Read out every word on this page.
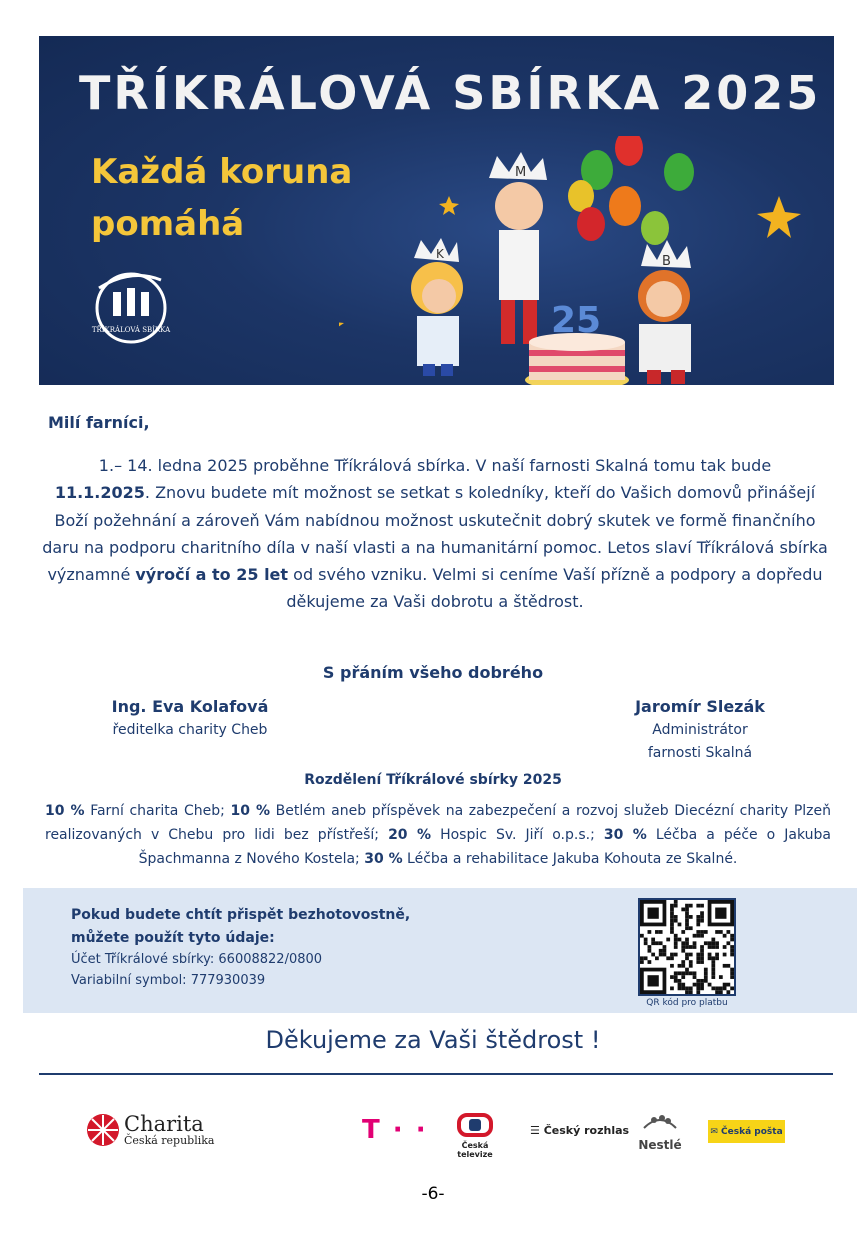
TŘÍKRÁLOVÁ SBÍRKA 2025
Každá koruna
pomáhá
TŘÍKRÁLOVÁ SBÍRKA
K
M
B
25
Milí farníci,
1.– 14. ledna 2025 proběhne Tříkrálová sbírka. V naší farnosti Skalná tomu tak bude
11.1.2025. Znovu budete mít možnost se setkat s koledníky, kteří do Vašich domovů přinášejí Boží požehnání a zároveň Vám nabídnou možnost uskutečnit dobrý skutek ve formě finančního daru na podporu charitního díla v naší vlasti a na humanitární pomoc. Letos slaví Tříkrálová sbírka významné výročí a to 25 let od svého vzniku. Velmi si ceníme Vaší přízně a podpory a dopředu děkujeme za Vaši dobrotu a štědrost.
S přáním všeho dobrého
Ing. Eva Kolafová
ředitelka charity Cheb
Jaromír Slezák
Administrátor
farnosti Skalná
Rozdělení Tříkrálové sbírky 2025
10 % Farní charita Cheb; 10 % Betlém aneb příspěvek na zabezpečení a rozvoj služeb Diecézní charity Plzeň realizovaných v Chebu pro lidi bez přístřeší; 20 % Hospic Sv. Jiří o.p.s.; 30 % Léčba a péče o Jakuba Špachmanna z Nového Kostela; 30 % Léčba a rehabilitace Jakuba Kohouta ze Skalné.
Pokud budete chtít přispět bezhotovostně,
můžete použít tyto údaje:
Účet Tříkrálové sbírky: 66008822/0800
Variabilní symbol: 777930039
QR kód pro platbu
Děkujeme za Vaši štědrost !
Charita
Česká republika	T · ·
Česká televize
☰ Český rozhlas
Nestlé
✉ Česká pošta
-6-
